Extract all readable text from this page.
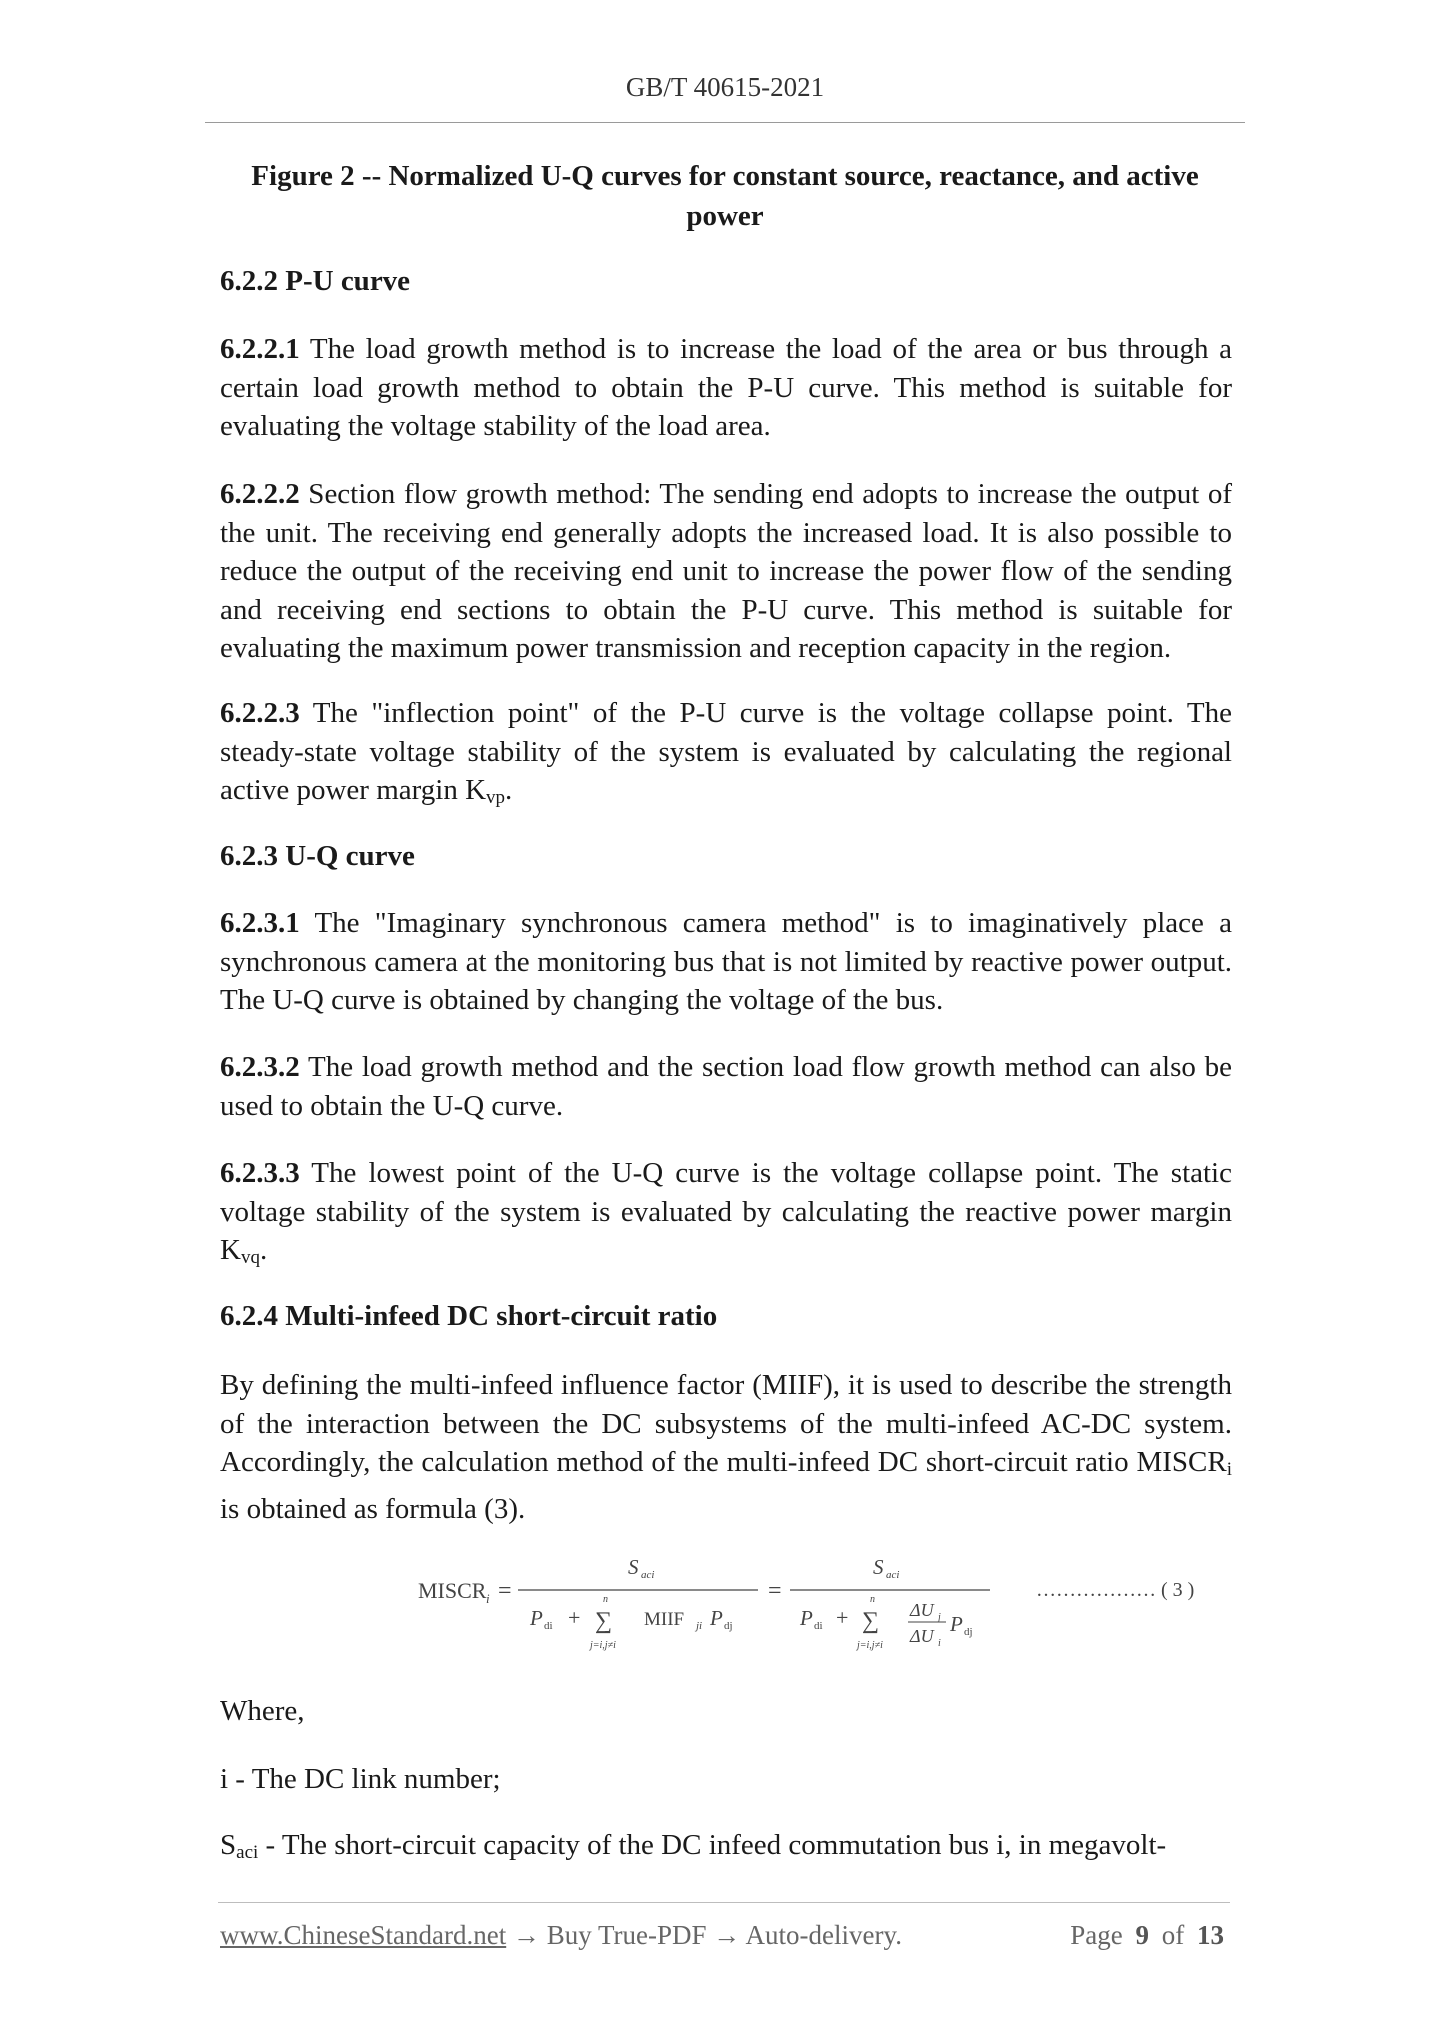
GB/T 40615-2021
Figure 2 -- Normalized U-Q curves for constant source, reactance, and active power
6.2.2 P-U curve
6.2.2.1 The load growth method is to increase the load of the area or bus through a certain load growth method to obtain the P-U curve. This method is suitable for evaluating the voltage stability of the load area.
6.2.2.2 Section flow growth method: The sending end adopts to increase the output of the unit. The receiving end generally adopts the increased load. It is also possible to reduce the output of the receiving end unit to increase the power flow of the sending and receiving end sections to obtain the P-U curve. This method is suitable for evaluating the maximum power transmission and reception capacity in the region.
6.2.2.3 The "inflection point" of the P-U curve is the voltage collapse point. The steady-state voltage stability of the system is evaluated by calculating the regional active power margin $K_{vp}$.
6.2.3 U-Q curve
6.2.3.1 The "Imaginary synchronous camera method" is to imaginatively place a synchronous camera at the monitoring bus that is not limited by reactive power output. The U-Q curve is obtained by changing the voltage of the bus.
6.2.3.2 The load growth method and the section load flow growth method can also be used to obtain the U-Q curve.
6.2.3.3 The lowest point of the U-Q curve is the voltage collapse point. The static voltage stability of the system is evaluated by calculating the reactive power margin $K_{vq}$.
6.2.4 Multi-infeed DC short-circuit ratio
By defining the multi-infeed influence factor (MIIF), it is used to describe the strength of the interaction between the DC subsystems of the multi-infeed AC-DC system. Accordingly, the calculation method of the multi-infeed DC short-circuit ratio $MISCR_i$ is obtained as formula (3).
MISCR i =
S aci
P di +
n
∑
j=i,j≠i
MIIF ji P dj
=
S aci
P di +
n
∑
j=i,j≠i
ΔU j
ΔU i
P dj
……………… ( 3 )
Where,
i - The DC link number;
$S_{aci}$ - The short-circuit capacity of the DC infeed commutation bus i, in megavolt-
www.ChineseStandard.net → Buy True-PDF → Auto-delivery.	Page 9 of 13
